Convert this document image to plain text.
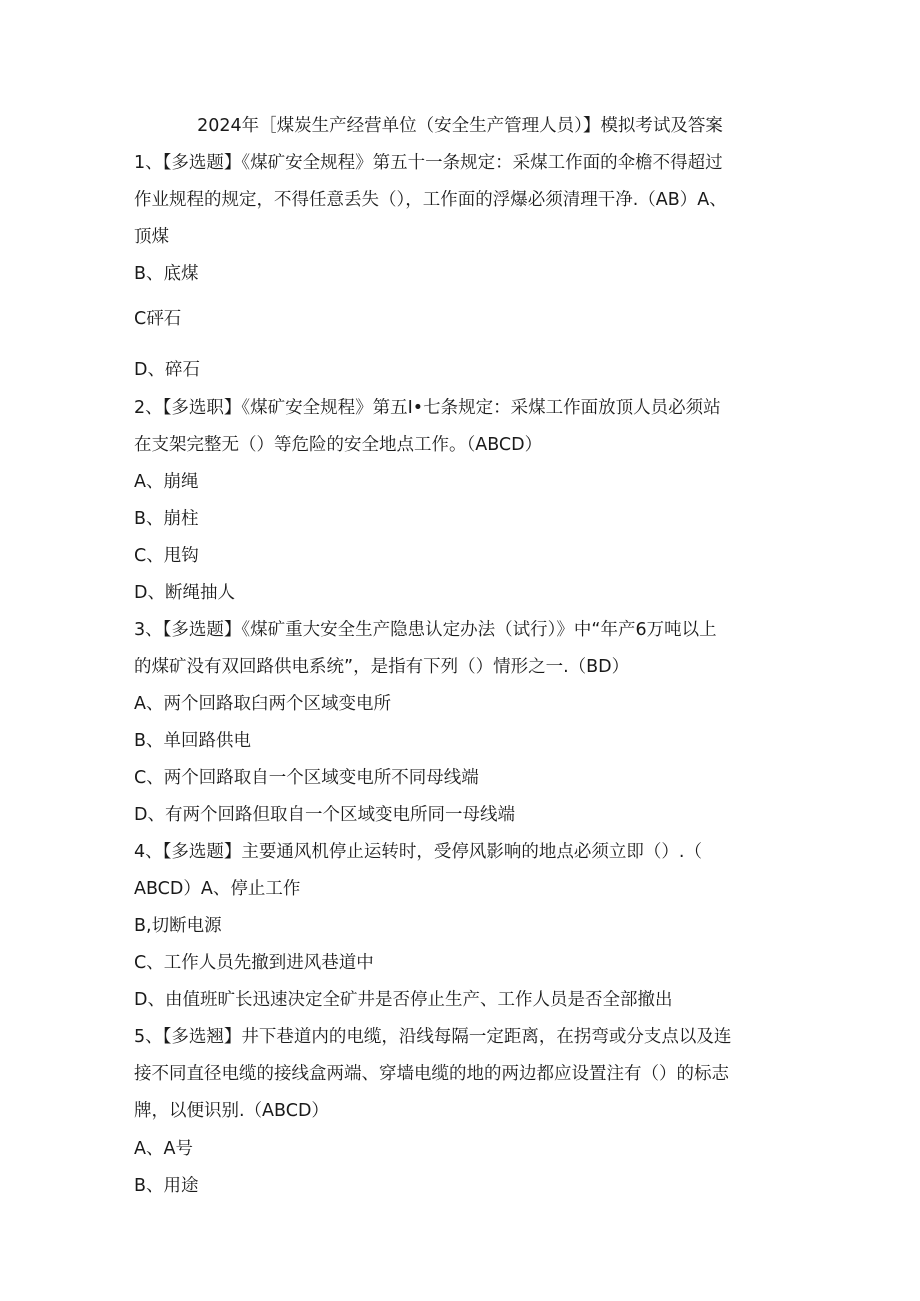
2024年［煤炭生产经营单位（安全生产管理人员）】模拟考试及答案
1、【多选题】《煤矿安全规程》第五十一条规定：采煤工作面的伞檐不得超过
作业规程的规定，不得任意丢失（），工作面的浮爆必须清理干净.（AB）A、
顶煤
B、底煤
C砰石
D、碎石
2、【多选职】《煤矿安全规程》第五I•七条规定：采煤工作面放顶人员必须站
在支架完整无（）等危险的安全地点工作。（ABCD）
A、崩绳
B、崩柱
C、甩钩
D、断绳抽人
3、【多选题】《煤矿重大安全生产隐患认定办法（试行）》中“年产6万吨以上
的煤矿没有双回路供电系统”，是指有下列（）情形之一.（BD）
A、两个回路取臼两个区域变电所
B、单回路供电
C、两个回路取自一个区域变电所不同母线端
D、有两个回路但取自一个区域变电所同一母线端
4、【多选题】主要通风机停止运转时，受停风影响的地点必须立即（）.（
ABCD）A、停止工作
B,切断电源
C、工作人员先撤到进风巷道中
D、由值班旷长迅速决定全矿井是否停止生产、工作人员是否全部撤出
5、【多选翘】井下巷道内的电缆，沿线每隔一定距离，在拐弯或分支点以及连
接不同直径电缆的接线盒两端、穿墙电缆的地的两边都应设置注有（）的标志
牌，以便识别.（ABCD）
A、A号
B、用途
